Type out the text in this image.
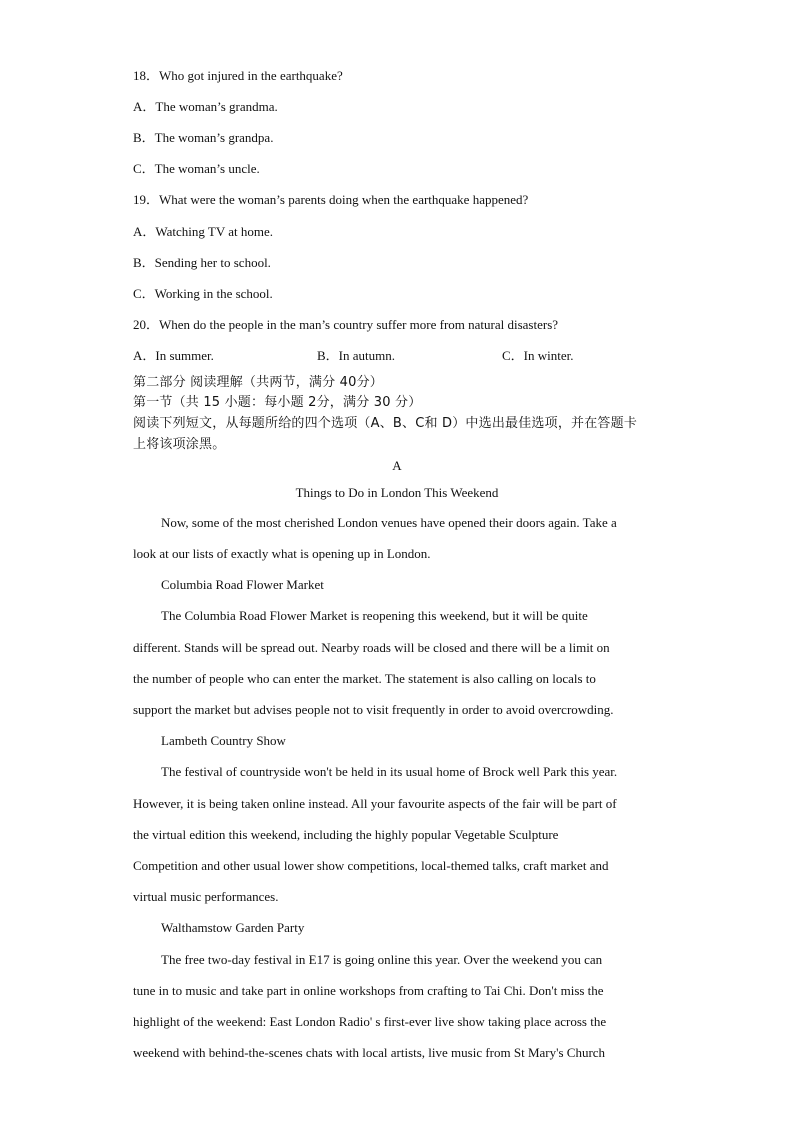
18．Who got injured in the earthquake?
A．The woman’s grandma.
B．The woman’s grandpa.
C．The woman’s uncle.
19．What were the woman’s parents doing when the earthquake happened?
A．Watching TV at home.
B．Sending her to school.
C．Working in the school.
20．When do the people in the man’s country suffer more from natural disasters?
A．In summer.	B．In autumn.	C．In winter.
第二部分 阅读理解（共两节，满分 40分）
第一节（共 15 小题：每小题 2分，满分 30 分）
阅读下列短文，从每题所给的四个选项（A、B、C和 D）中选出最佳选项，并在答题卡
上将该项涂黑。
A
Things to Do in London This Weekend
Now, some of the most cherished London venues have opened their doors again. Take a
look at our lists of exactly what is opening up in London.
Columbia Road Flower Market
The Columbia Road Flower Market is reopening this weekend, but it will be quite
different. Stands will be spread out. Nearby roads will be closed and there will be a limit on
the number of people who can enter the market. The statement is also calling on locals to
support the market but advises people not to visit frequently in order to avoid overcrowding.
Lambeth Country Show
The festival of countryside won't be held in its usual home of Brock well Park this year.
However, it is being taken online instead. All your favourite aspects of the fair will be part of
the virtual edition this weekend, including the highly popular Vegetable Sculpture
Competition and other usual lower show competitions, local-themed talks, craft market and
virtual music performances.
Walthamstow Garden Party
The free two-day festival in E17 is going online this year. Over the weekend you can
tune in to music and take part in online workshops from crafting to Tai Chi. Don't miss the
highlight of the weekend: East London Radio' s first-ever live show taking place across the
weekend with behind-the-scenes chats with local artists, live music from St Mary's Church
